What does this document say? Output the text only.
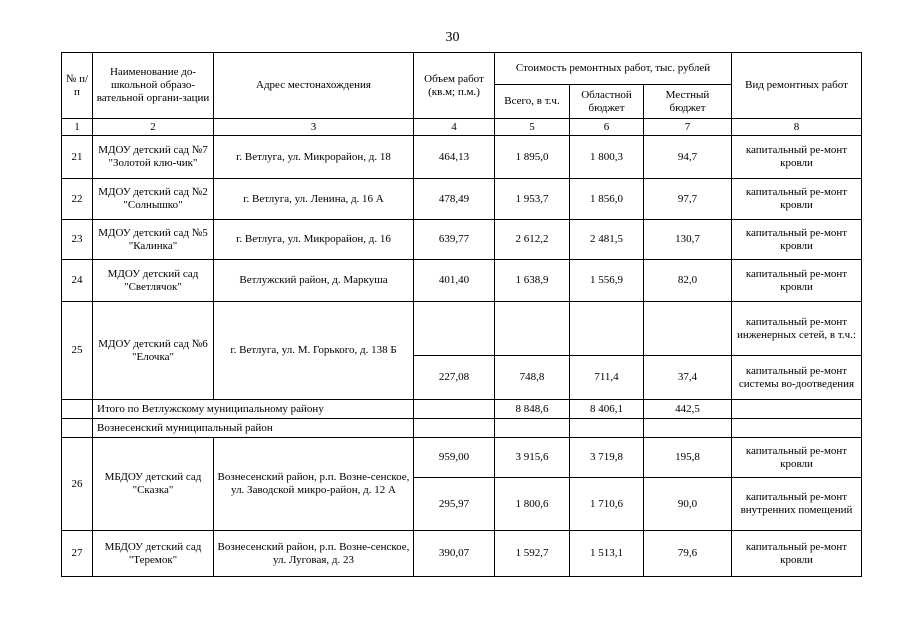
30
№ п/п	Наименование до-школьной образо-вательной органи-зации	Адрес местонахождения	Объем работ (кв.м; п.м.)	Стоимость ремонтных работ, тыс. рублей			Вид ремонтных работ
				Всего, в т.ч.	Областной бюджет	Местный бюджет	
1	2	3	4	5	6	7	8
21	МДОУ детский сад №7 "Золотой клю-чик"	г. Ветлуга, ул. Микрорайон, д. 18	464,13	1 895,0	1 800,3	94,7	капитальный ре-монт кровли
22	МДОУ детский сад №2 "Солнышко"	г. Ветлуга, ул. Ленина, д. 16 А	478,49	1 953,7	1 856,0	97,7	капитальный ре-монт кровли
23	МДОУ детский сад №5 "Калинка"	г. Ветлуга, ул. Микрорайон, д. 16	639,77	2 612,2	2 481,5	130,7	капитальный ре-монт кровли
24	МДОУ детский сад "Светлячок"	Ветлужский район, д. Маркуша	401,40	1 638,9	1 556,9	82,0	капитальный ре-монт кровли
25	МДОУ детский сад №6 "Елочка"	г. Ветлуга, ул. М. Горького, д. 138 Б					капитальный ре-монт инженерных сетей, в т.ч.:
			227,08	748,8	711,4	37,4	капитальный ре-монт системы во-доотведения
	Итого по Ветлужскому муниципальному району			8 848,6	8 406,1	442,5	
	Вознесенский муниципальный район						
26	МБДОУ детский сад "Сказка"	Вознесенский район, р.п. Возне-сенское, ул. Заводской микро-район, д. 12 А	959,00	3 915,6	3 719,8	195,8	капитальный ре-монт кровли
			295,97	1 800,6	1 710,6	90,0	капитальный ре-монт внутренних помещений
27	МБДОУ детский сад "Теремок"	Вознесенский район, р.п. Возне-сенское, ул. Луговая, д. 23	390,07	1 592,7	1 513,1	79,6	капитальный ре-монт кровли
